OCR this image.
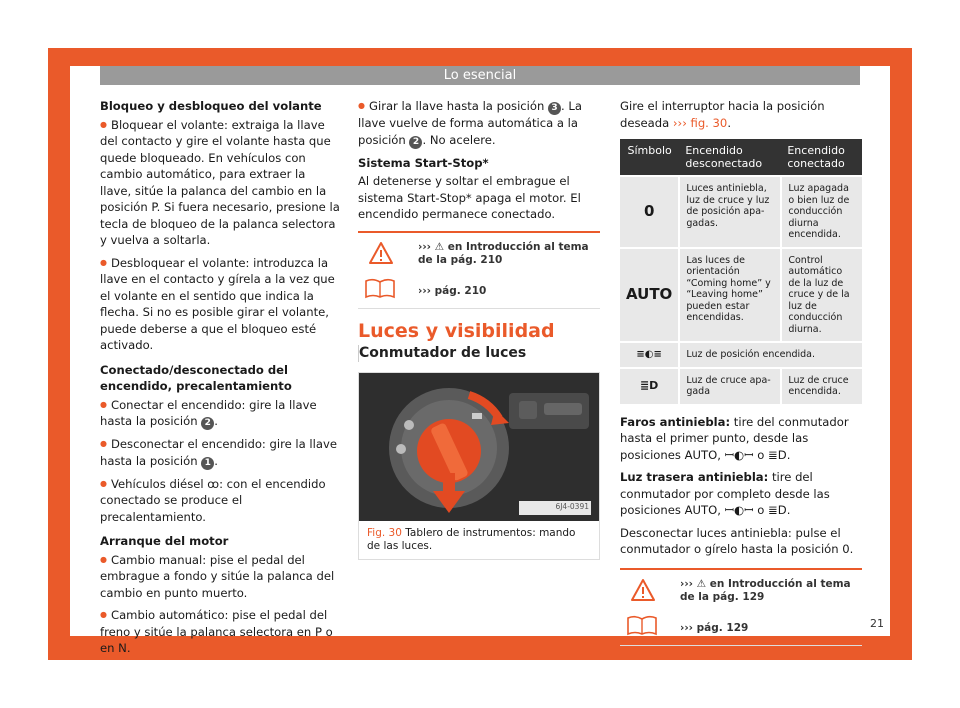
Lo esencial

Bloqueo y desbloqueo del volante

● Bloquear el volante: extraiga la llave del contacto y gire el volante hasta que quede bloqueado. En vehículos con cambio automático, para extraer la llave, sitúe la palanca del cambio en la posición P. Si fuera necesario, presione la tecla de bloqueo de la palanca selectora y vuelva a soltarla.

● Desbloquear el volante: introduzca la llave en el contacto y gírela a la vez que el volante en el sentido que indica la flecha. Si no es posible girar el volante, puede deberse a que el bloqueo esté activado.

Conectado/desconectado del encendido, precalentamiento

● Conectar el encendido: gire la llave hasta la posición 2 .

● Desconectar el encendido: gire la llave hasta la posición 1 .

● Vehículos diésel ꝏ: con el encendido conectado se produce el precalentamiento.

Arranque del motor

● Cambio manual: pise el pedal del embrague a fondo y sitúe la palanca del cambio en punto muerto.

● Cambio automático: pise el pedal del freno y sitúe la palanca selectora en P o en N.

● Girar la llave hasta la posición 3 . La llave vuelve de forma automática a la posición 2 . No acelere.

Sistema Start-Stop*

Al detenerse y soltar el embrague el sistema Start-Stop* apaga el motor. El encendido permanece conectado.

››› ⚠ en Introducción al tema de la pág. 210
››› pág. 210
Luces y visibilidad
Conmutador de luces
6J4-0391
Fig. 30 Tablero de instrumentos: mando de las luces.

Gire el interruptor hacia la posición deseada ››› fig. 30.

Símbolo	Encendido desconectado	Encendido conectado
0	Luces antiniebla, luz de cruce y luz de posición apagadas.	Luz apagada o bien luz de conducción diurna encendida.
AUTO	Las luces de orientación “Coming home” y “Leaving home” pueden estar encendidas.	Control automático de la luz de cruce y de la luz de conducción diurna.
≡◐≡	Luz de posición encendida.	
≣D	Luz de cruce apagada	Luz de cruce encendida.

Faros antiniebla: tire del conmutador hasta el primer punto, desde las posiciones AUTO, ꟷ◐ꟷ o ≣D.

Luz trasera antiniebla: tire del conmutador por completo desde las posiciones AUTO, ꟷ◐ꟷ o ≣D.

Desconectar luces antiniebla: pulse el conmutador o gírelo hasta la posición 0.

››› ⚠ en Introducción al tema de la pág. 129
››› pág. 129	21
